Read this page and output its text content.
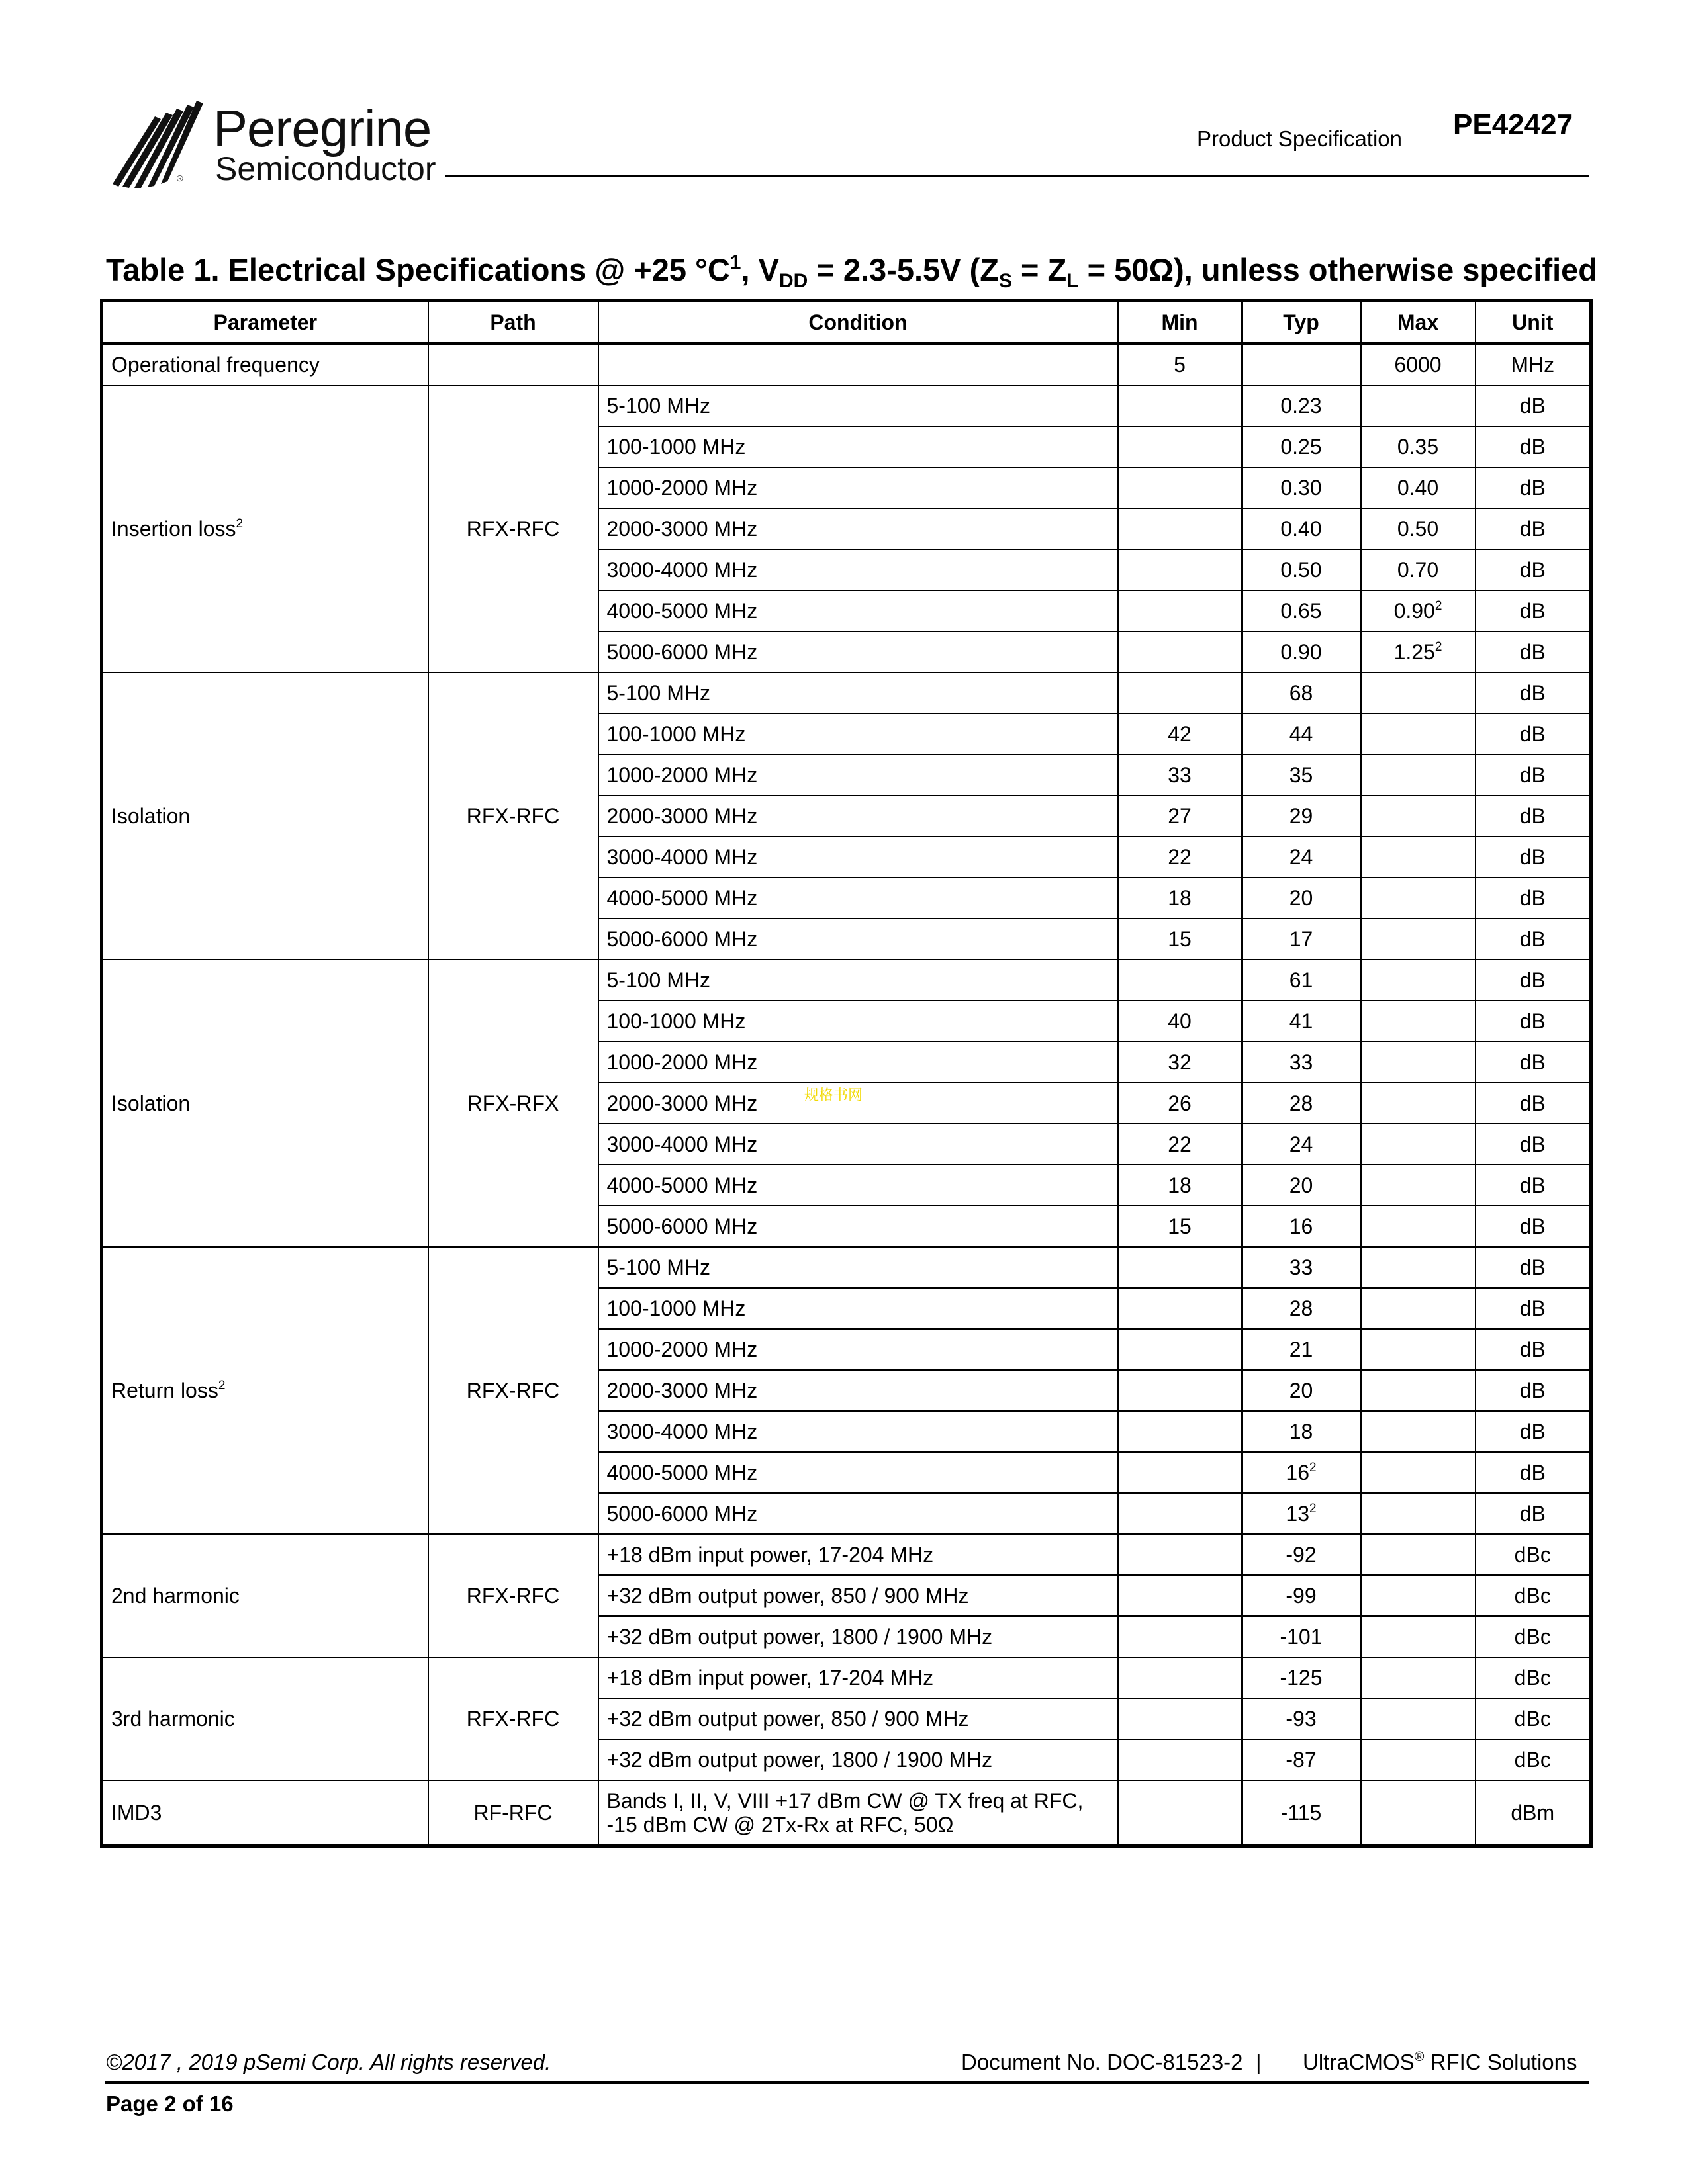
Peregrine
Semiconductor
®
Product Specification PE42427
Table 1. Electrical Specifications @ +25 $^\circ C^1$, $V_{DD} = 2.3-5.5V$ $(Z_S = Z_L = 50\Omega)$, unless otherwise specified
Parameter	Path	Condition	Min	Typ	Max	Unit
Operational frequency			5		6000	MHz
Insertion loss$^2$	RFX-RFC	5-100 MHz		0.23		dB
		100-1000 MHz		0.25	0.35	dB
		1000-2000 MHz		0.30	0.40	dB
		2000-3000 MHz		0.40	0.50	dB
		3000-4000 MHz		0.50	0.70	dB
		4000-5000 MHz		0.65	0.90$^2$	dB
		5000-6000 MHz		0.90	1.25$^2$	dB
Isolation	RFX-RFC	5-100 MHz		68		dB
		100-1000 MHz	42	44		dB
		1000-2000 MHz	33	35		dB
		2000-3000 MHz	27	29		dB
		3000-4000 MHz	22	24		dB
		4000-5000 MHz	18	20		dB
		5000-6000 MHz	15	17		dB
Isolation	RFX-RFX	5-100 MHz		61		dB
		100-1000 MHz	40	41		dB
		1000-2000 MHz	32	33		dB
		2000-3000 MHz	26	28		dB
		3000-4000 MHz	22	24		dB
		4000-5000 MHz	18	20		dB
		5000-6000 MHz	15	16		dB
Return loss$^2$	RFX-RFC	5-100 MHz		33		dB
		100-1000 MHz		28		dB
		1000-2000 MHz		21		dB
		2000-3000 MHz		20		dB
		3000-4000 MHz		18		dB
		4000-5000 MHz		$16^2$		dB
		5000-6000 MHz		$13^2$		dB
2nd harmonic	RFX-RFC	+18 dBm input power, 17-204 MHz		-92		dBc
		+32 dBm output power, 850 / 900 MHz		-99		dBc
		+32 dBm output power, 1800 / 1900 MHz		-101		dBc
3rd harmonic	RFX-RFC	+18 dBm input power, 17-204 MHz		-125		dBc
		+32 dBm output power, 850 / 900 MHz		-93		dBc
		+32 dBm output power, 1800 / 1900 MHz		-87		dBc
IMD3	RF-RFC	Bands I, II, V, VIII +17 dBm CW @ TX freq at RFC,
-15 dBm CW @ 2Tx-Rx at RFC, 50Ω		-115		dBm
规格书网
©2017 , 2019 pSemi Corp. All rights reserved.	Document No. DOC-81523-2 | UltraCMOS® RFIC Solutions
Page 2 of 16
